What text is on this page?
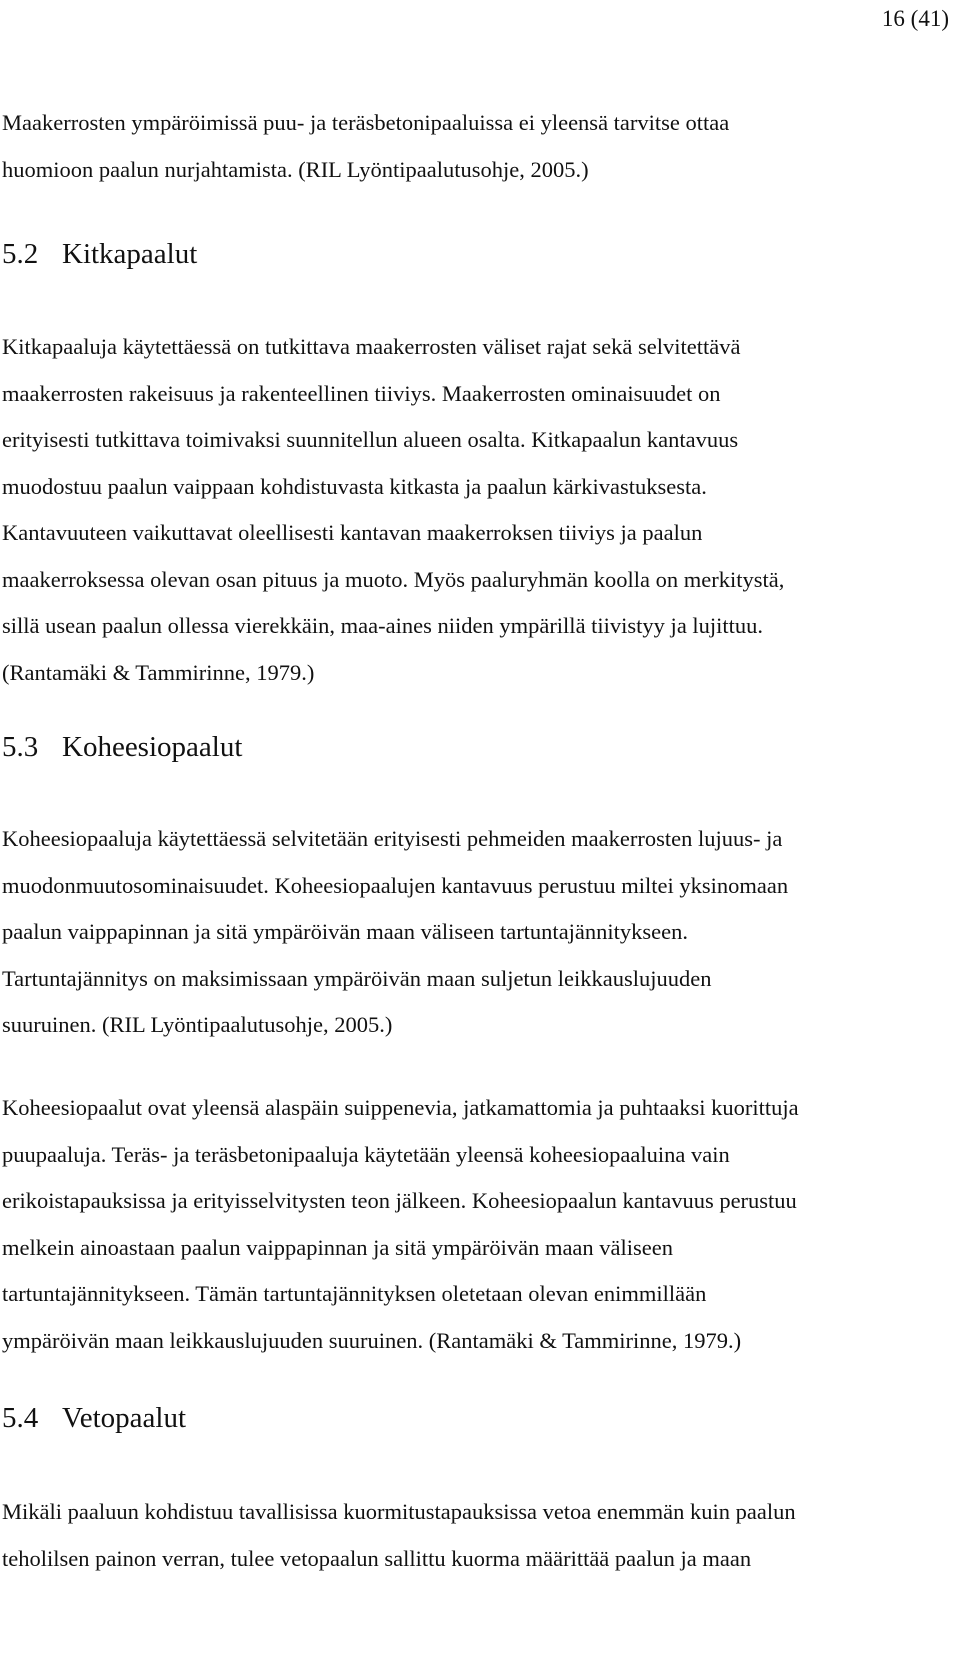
16 (41)

Maakerrosten ympäröimissä puu- ja teräsbetonipaaluissa ei yleensä tarvitse ottaa
huomioon paalun nurjahtamista. (RIL Lyöntipaalutusohje, 2005.)

5.2 Kitkapaalut

Kitkapaaluja käytettäessä on tutkittava maakerrosten väliset rajat sekä selvitettävä
maakerrosten rakeisuus ja rakenteellinen tiiviys. Maakerrosten ominaisuudet on
erityisesti tutkittava toimivaksi suunnitellun alueen osalta. Kitkapaalun kantavuus
muodostuu paalun vaippaan kohdistuvasta kitkasta ja paalun kärkivastuksesta.
Kantavuuteen vaikuttavat oleellisesti kantavan maakerroksen tiiviys ja paalun
maakerroksessa olevan osan pituus ja muoto. Myös paaluryhmän koolla on merkitystä,
sillä usean paalun ollessa vierekkäin, maa-aines niiden ympärillä tiivistyy ja lujittuu.
(Rantamäki & Tammirinne, 1979.)

5.3 Koheesiopaalut

Koheesiopaaluja käytettäessä selvitetään erityisesti pehmeiden maakerrosten lujuus- ja
muodonmuutosominaisuudet. Koheesiopaalujen kantavuus perustuu miltei yksinomaan
paalun vaippapinnan ja sitä ympäröivän maan väliseen tartuntajännitykseen.
Tartuntajännitys on maksimissaan ympäröivän maan suljetun leikkauslujuuden
suuruinen. (RIL Lyöntipaalutusohje, 2005.)

Koheesiopaalut ovat yleensä alaspäin suippenevia, jatkamattomia ja puhtaaksi kuorittuja
puupaaluja. Teräs- ja teräsbetonipaaluja käytetään yleensä koheesiopaaluina vain
erikoistapauksissa ja erityisselvitysten teon jälkeen. Koheesiopaalun kantavuus perustuu
melkein ainoastaan paalun vaippapinnan ja sitä ympäröivän maan väliseen
tartuntajännitykseen. Tämän tartuntajännityksen oletetaan olevan enimmillään
ympäröivän maan leikkauslujuuden suuruinen. (Rantamäki & Tammirinne, 1979.)

5.4 Vetopaalut

Mikäli paaluun kohdistuu tavallisissa kuormitustapauksissa vetoa enemmän kuin paalun
teholilsen painon verran, tulee vetopaalun sallittu kuorma määrittää paalun ja maan
